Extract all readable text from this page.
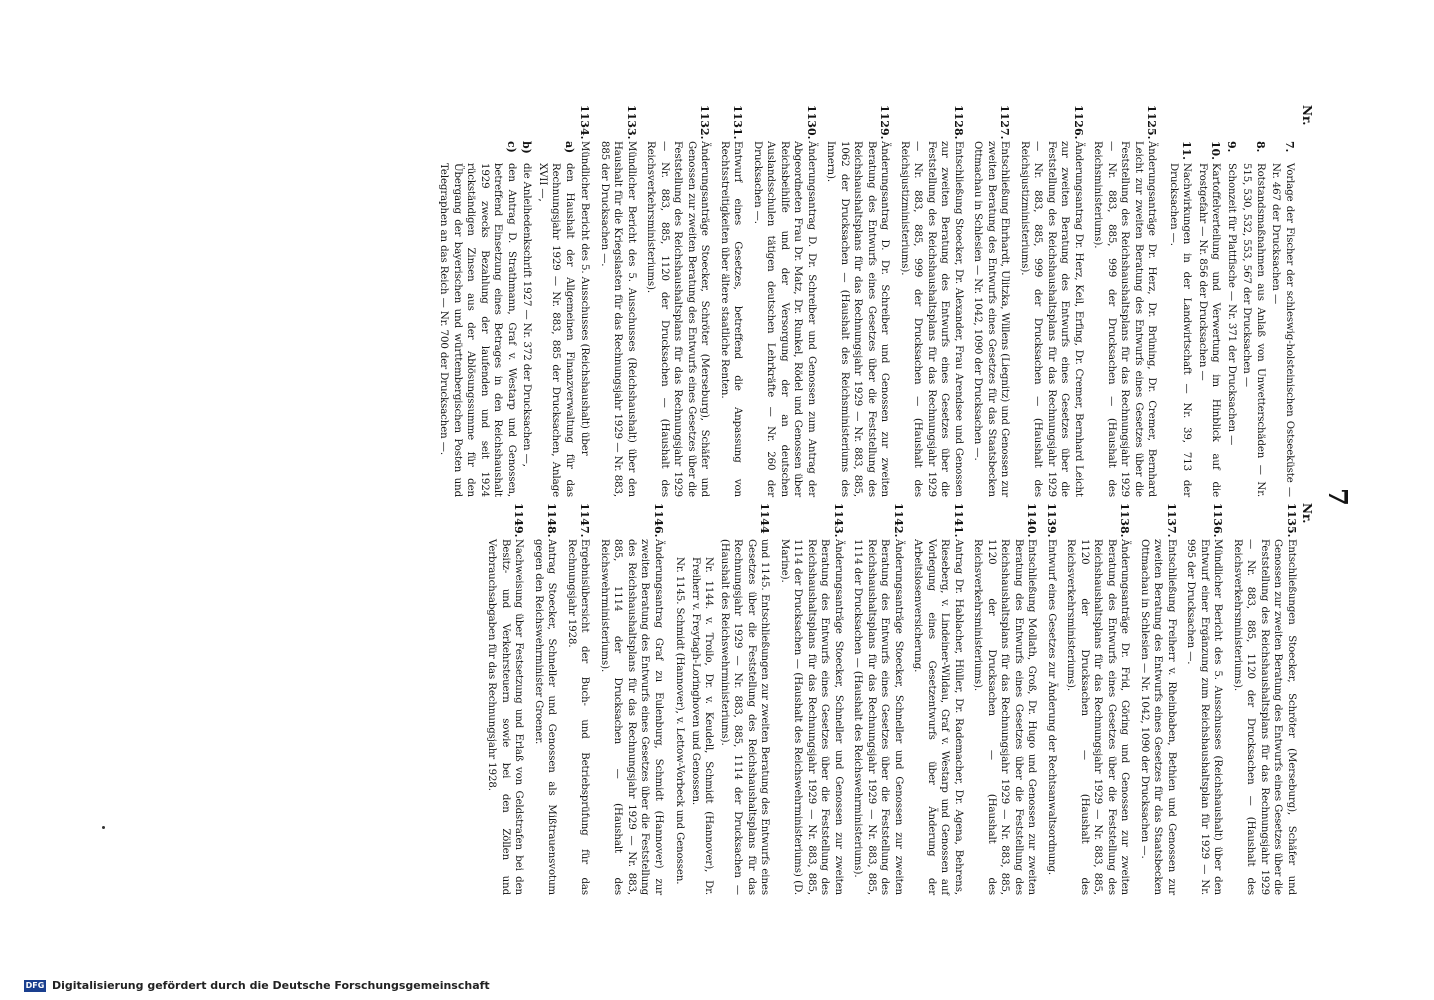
7
Nr.
7.
Vorlage der Fischer der schleswig-holsteinischen Ostseeküste — Nr. 467 der Drucksachen —
8.
Rotstandsmaßnahmen aus Anlaß von Unwetterschäden — Nr. 515, 530, 532, 553, 567 der Drucksachen —
9.
Schonzeit für Plattfische — Nr. 371 der Drucksachen —
10.
Kartoffelverteilung und Verwertung im Hinblick auf die Frostgefahr — Nr. 856 der Drucksachen —
11.
Nachwirkungen in der Landwirtschaft — Nr. 39, 713 der Drucksachen —.
1125.
Änderungsanträge Dr. Herz, Dr. Brüning, Dr. Cremer, Bernhard Leicht zur zweiten Beratung des Entwurfs eines Gesetzes über die Feststellung des Reichshaushaltsplans für das Rechnungsjahr 1929 — Nr. 883, 885, 999 der Drucksachen — (Haushalt des Reichsministeriums).
1126.
Änderungsantrag Dr. Herz, Keil, Erfing, Dr. Cremer, Bernhard Leicht zur zweiten Beratung des Entwurfs eines Gesetzes über die Feststellung des Reichshaushaltsplans für das Rechnungsjahr 1929 — Nr. 883, 885, 999 der Drucksachen — (Haushalt des Reichsjustizministeriums).
1127.
Entschließung Ehrhardt, Ulitzka, Willens (Liegnitz) und Genossen zur zweiten Beratung des Entwurfs eines Gesetzes für das Staatsbecken Ottmachau in Schlesien — Nr. 1042, 1090 der Drucksachen —.
1128.
Entschließung Stoecker, Dr. Alexander, Frau Arendsee und Genossen zur zweiten Beratung des Entwurfs eines Gesetzes über die Feststellung des Reichshaushaltsplans für das Rechnungsjahr 1929 — Nr. 883, 885, 999 der Drucksachen — (Haushalt des Reichsjustizministeriums).
1129.
Änderungsantrag D. Dr. Schreiber und Genossen zur zweiten Beratung des Entwurfs eines Gesetzes über die Feststellung des Reichshaushaltsplans für das Rechnungsjahr 1929 — Nr. 883, 885, 1062 der Drucksachen — (Haushalt des Reichsministeriums des Innern).
1130.
Änderungsantrag D. Dr. Schreiber und Genossen zum Antrag der Abgeordneten Frau Dr. Matz, Dr. Runkel, Rödel und Genossen über Reichsbeihilfe und der Versorgung der an deutschen Auslandsschulen tätigen deutschen Lehrkräfte — Nr. 260 der Drucksachen —.
1131.
Entwurf eines Gesetzes, betreffend die Anpassung von Rechtsstreitigkeiten über ältere staatliche Renten.
1132.
Änderungsanträge Stoecker, Schröter (Merseburg), Schäfer und Genossen zur zweiten Beratung des Entwurfs eines Gesetzes über die Feststellung des Reichshaushaltsplans für das Rechnungsjahr 1929 — Nr. 883, 885, 1120 der Drucksachen — (Haushalt des Reichsverkehrsministeriums).
1133.
Mündlicher Bericht des 5. Ausschusses (Reichshaushalt) über den Haushalt für die Kriegslasten für das Rechnungsjahr 1929 — Nr. 883, 885 der Drucksachen —.
1134.
Mündlicher Bericht des 5. Ausschusses (Reichshaushalt) über
a)
den Haushalt der Allgemeinen Finanzverwaltung für das Rechnungsjahr 1929 — Nr. 883, 885 der Drucksachen, Anlage XVII —,
b)
die Anleihedenkschrift 1927 — Nr. 372 der Drucksachen —,
c)
den Antrag D. Strathmann, Graf v. Westarp und Genossen, betreffend Einsetzung eines Betrages in den Reichshaushalt 1929 zwecks Bezahlung der laufenden und seit 1924 rückständigen Zinsen aus der Ablösungssumme für den Übergang der bayerischen und württembergischen Posten und Telegraphen an das Reich — Nr. 700 der Drucksachen —.
Nr.
1135.
Entschließungen Stoecker, Schröter (Merseburg), Schäfer und Genossen zur zweiten Beratung des Entwurfs eines Gesetzes über die Feststellung des Reichshaushaltsplans für das Rechnungsjahr 1929 — Nr. 883, 885, 1120 der Drucksachen — (Haushalt des Reichsverkehrsministeriums).
1136.
Mündlicher Bericht des 5. Ausschusses (Reichshaushalt) über den Entwurf einer Ergänzung zum Reichshaushaltsplan für 1929 — Nr. 995 der Drucksachen —.
1137.
Entschließung Freiherr v. Rheinbaben, Bethien und Genossen zur zweiten Beratung des Entwurfs eines Gesetzes für das Staatsbecken Ottmachau in Schlesien — Nr. 1042, 1090 der Drucksachen —.
1138.
Änderungsanträge Dr. Frid, Göring und Genossen zur zweiten Beratung des Entwurfs eines Gesetzes über die Feststellung des Reichshaushaltsplans für das Rechnungsjahr 1929 — Nr. 883, 885, 1120 der Drucksachen — (Haushalt des Reichsverkehrsministeriums).
1139.
Entwurf eines Gesetzes zur Änderung der Rechtsanwaltsordnung.
1140.
Entschließung Mollath, Groß, Dr. Hugo und Genossen zur zweiten Beratung des Entwurfs eines Gesetzes über die Feststellung des Reichshaushaltsplans für das Rechnungsjahr 1929 — Nr. 883, 885, 1120 der Drucksachen — (Haushalt des Reichsverkehrsministeriums).
1141.
Antrag Dr. Hablacher, Hüller, Dr. Rademacher, Dr. Agena, Behrens, Rieseberg, v. Lindeiner-Wildau, Graf v. Westarp und Genossen auf Vorlegung eines Gesetzentwurfs über Änderung der Arbeitslosenversicherung.
1142.
Änderungsanträge Stoecker, Schneller und Genossen zur zweiten Beratung des Entwurfs eines Gesetzes über die Feststellung des Reichshaushaltsplans für das Rechnungsjahr 1929 — Nr. 883, 885, 1114 der Drucksachen — (Haushalt des Reichswehrministeriums).
1143.
Änderungsanträge Stoecker, Schneller und Genossen zur zweiten Beratung des Entwurfs eines Gesetzes über die Feststellung des Reichshaushaltsplans für das Rechnungsjahr 1929 — Nr. 883, 885, 1114 der Drucksachen — (Haushalt des Reichswehrministeriums) (D. Marine).
1144
und 1145. Entschließungen zur zweiten Beratung des Entwurfs eines Gesetzes über die Feststellung des Reichshaushaltsplans für das Rechnungsjahr 1929 — Nr. 883, 885, 1114 der Drucksachen — (Haushalt des Reichswehrministeriums).
Nr. 1144. v. Troilo, Dr. v. Keudell, Schmidt (Hannover), Dr. Freiherr v. Freytagh-Loringhoven und Genossen.
Nr. 1145. Schmidt (Hannover), v. Lettow-Vorbeck und Genossen.
1146.
Änderungsantrag Graf zu Eulenburg, Schmidt (Hannover) zur zweiten Beratung des Entwurfs eines Gesetzes über die Feststellung des Reichshaushaltsplans für das Rechnungsjahr 1929 — Nr. 883, 885, 1114 der Drucksachen — (Haushalt des Reichswehrministeriums).
1147.
Ergebnisübersicht der Buch- und Betriebsprüfung für das Rechnungsjahr 1928.
1148.
Antrag Stoecker, Schneller und Genossen als Mißtrauensvotum gegen den Reichswehrminister Groener.
1149.
Nachweisung über Festsetzung und Erlaß von Geldstrafen bei den Besitz- und Verkehrsteuern sowie bei den Zöllen und Verbrauchsabgaben für das Rechnungsjahr 1928.
DFG Digitalisierung gefördert durch die Deutsche Forschungsgemeinschaft
